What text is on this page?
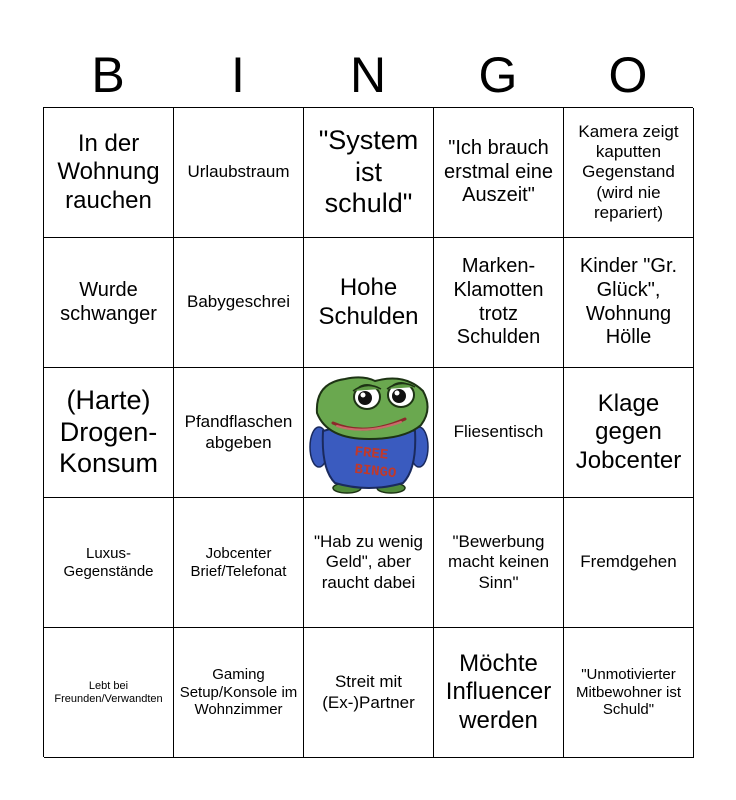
B	I	N	G	O
In der Wohnung rauchen
Urlaubstraum
"System ist schuld"
"Ich brauch erstmal eine Auszeit"
Kamera zeigt kaputten Gegenstand (wird nie repariert)
Wurde schwanger
Babygeschrei
Hohe Schulden
Marken-Klamotten trotz Schulden
Kinder "Gr. Glück", Wohnung Hölle
(Harte) Drogen-Konsum
Pfandflaschen abgeben
FREE
BINGO
Fliesentisch
Klage gegen Jobcenter
Luxus-Gegenstände
Jobcenter Brief/Telefonat
"Hab zu wenig Geld", aber raucht dabei
"Bewerbung macht keinen Sinn"
Fremdgehen
Lebt bei Freunden/Verwandten
Gaming Setup/Konsole im Wohnzimmer
Streit mit (Ex-)Partner
Möchte Influencer werden
"Unmotivierter Mitbewohner ist Schuld"
